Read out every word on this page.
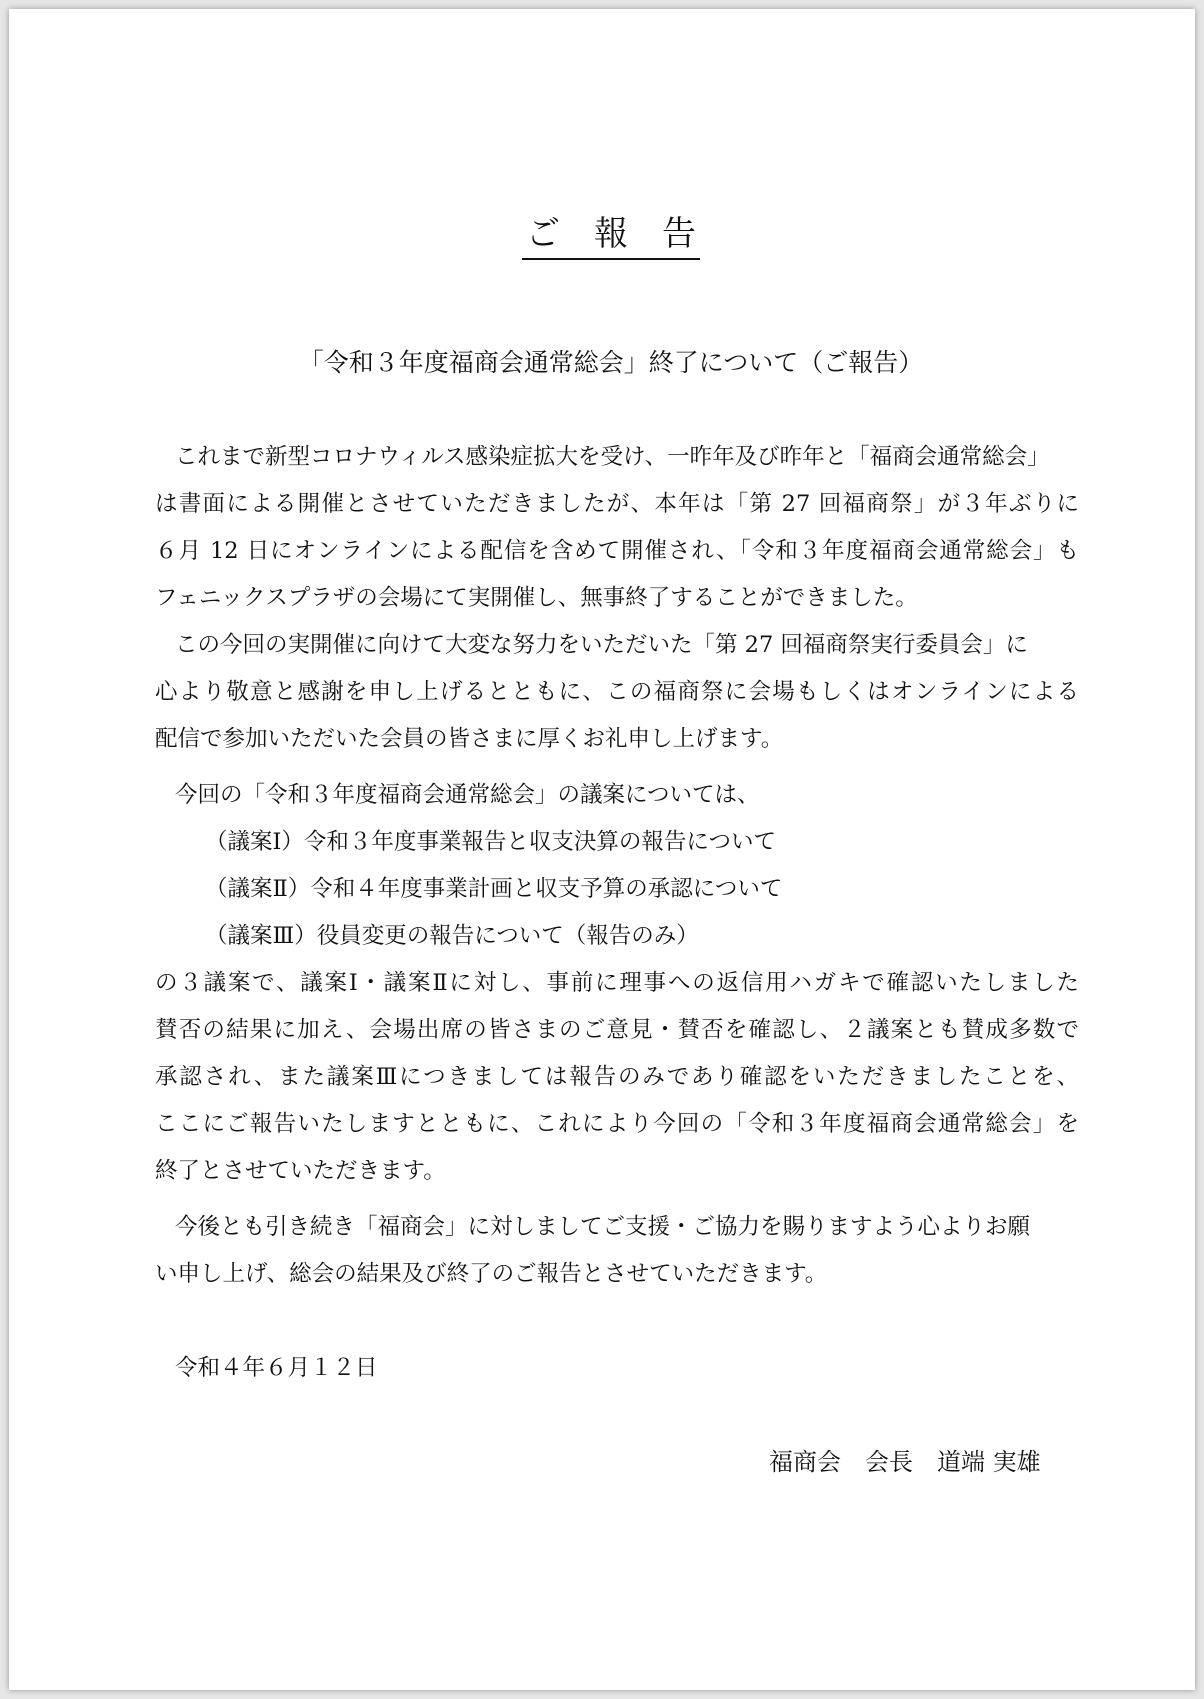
ご　報　告
「令和３年度福商会通常総会」終了について（ご報告）
これまで新型コロナウィルス感染症拡大を受け、一昨年及び昨年と「福商会通常総会」
は書面による開催とさせていただきましたが、本年は「第 27 回福商祭」が３年ぶりに
６月 12 日にオンラインによる配信を含めて開催され、「令和３年度福商会通常総会」も
フェニックスプラザの会場にて実開催し、無事終了することができました。
この今回の実開催に向けて大変な努力をいただいた「第 27 回福商祭実行委員会」に
心より敬意と感謝を申し上げるとともに、この福商祭に会場もしくはオンラインによる
配信で参加いただいた会員の皆さまに厚くお礼申し上げます。
今回の「令和３年度福商会通常総会」の議案については、
（議案Ⅰ）令和３年度事業報告と収支決算の報告について
（議案Ⅱ）令和４年度事業計画と収支予算の承認について
（議案Ⅲ）役員変更の報告について（報告のみ）
の３議案で、議案Ⅰ・議案Ⅱに対し、事前に理事への返信用ハガキで確認いたしました
賛否の結果に加え、会場出席の皆さまのご意見・賛否を確認し、２議案とも賛成多数で
承認され、また議案Ⅲにつきましては報告のみであり確認をいただきましたことを、
ここにご報告いたしますとともに、これにより今回の「令和３年度福商会通常総会」を
終了とさせていただきます。
今後とも引き続き「福商会」に対しましてご支援・ご協力を賜りますよう心よりお願
い申し上げ、総会の結果及び終了のご報告とさせていただきます。
令和４年６月１２日
福商会　会長　道端 実雄
